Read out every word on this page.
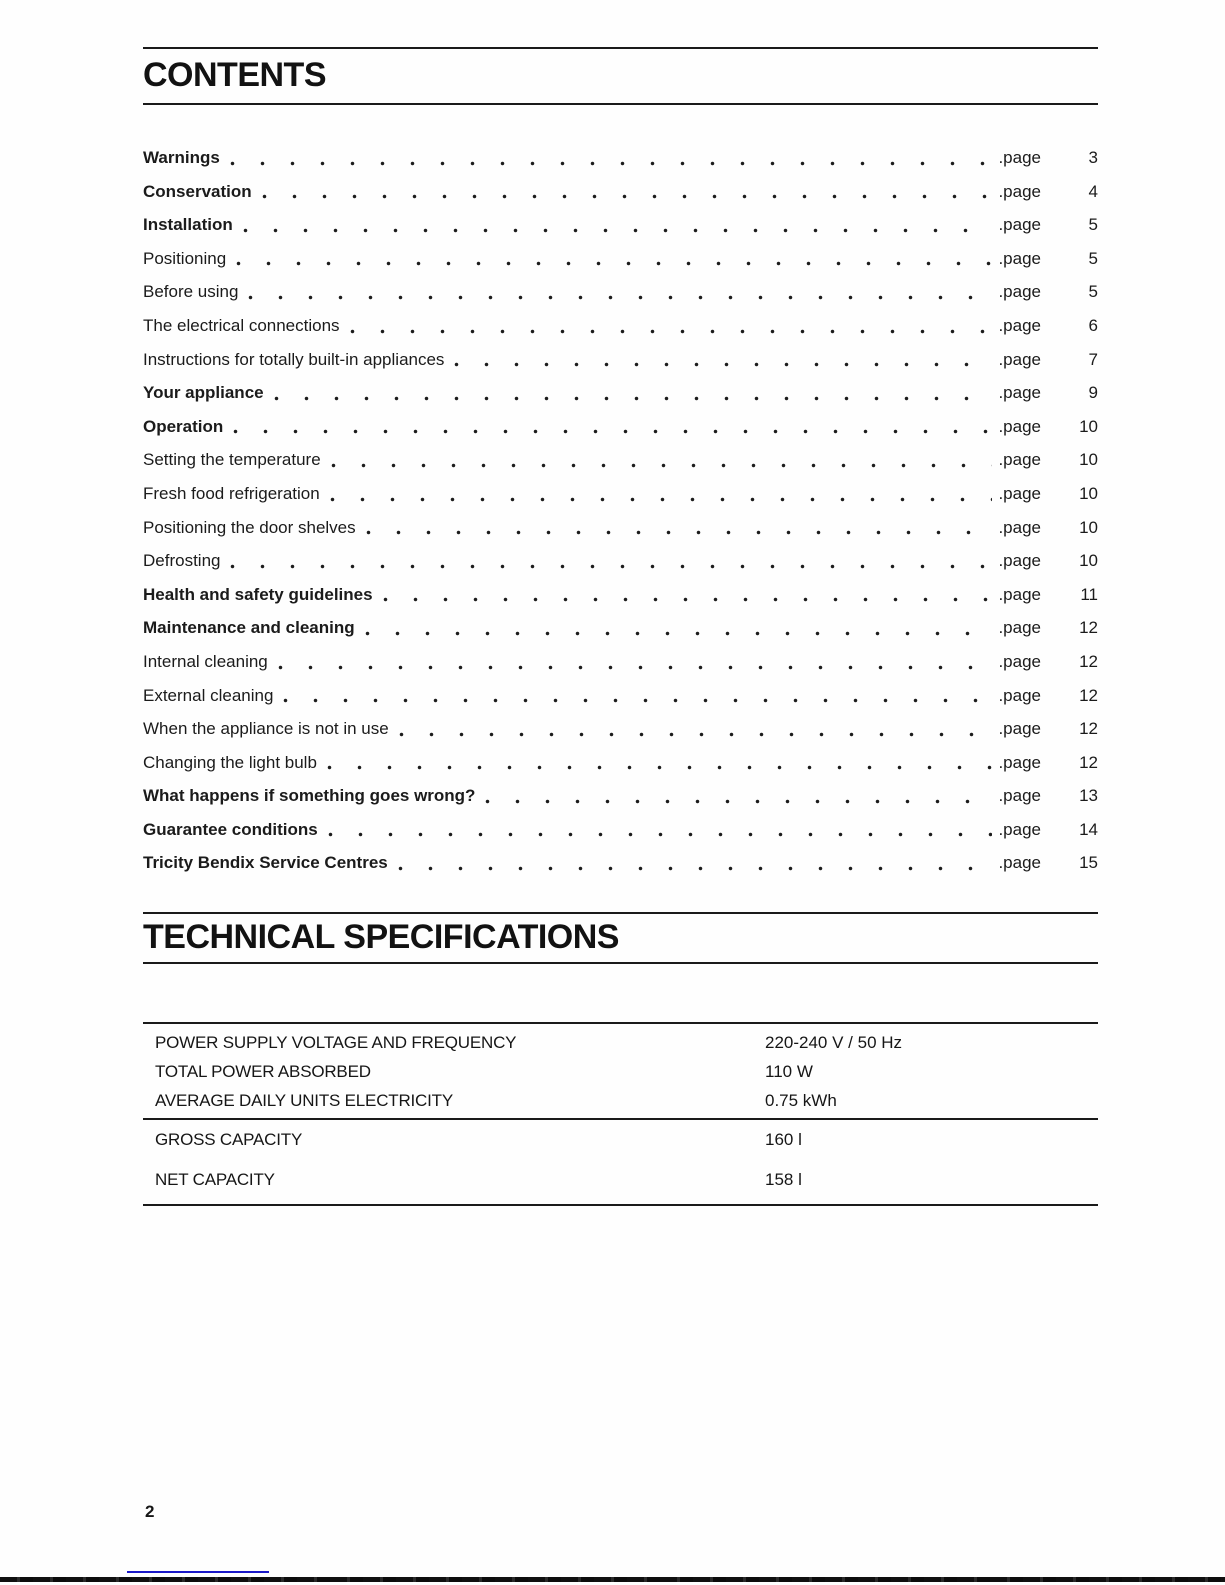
CONTENTS
Warnings	.page	3
Conservation	.page	4
Installation	.page	5
Positioning	.page	5
Before using	.page	5
The electrical connections	.page	6
Instructions for totally built-in appliances	.page	7
Your appliance	.page	9
Operation	.page	10
Setting the temperature	.page	10
Fresh food refrigeration	.page	10
Positioning the door shelves	.page	10
Defrosting	.page	10
Health and safety guidelines	.page	11
Maintenance and cleaning	.page	12
Internal cleaning	.page	12
External cleaning	.page	12
When the appliance is not in use	.page	12
Changing the light bulb	.page	12
What happens if something goes wrong?	.page	13
Guarantee conditions	.page	14
Tricity Bendix Service Centres	.page	15
TECHNICAL SPECIFICATIONS
POWER SUPPLY VOLTAGE AND FREQUENCY	220-240 V / 50 Hz
TOTAL POWER ABSORBED	110 W
AVERAGE DAILY UNITS ELECTRICITY	0.75 kWh
GROSS CAPACITY	160 l
NET CAPACITY	158 l
2
